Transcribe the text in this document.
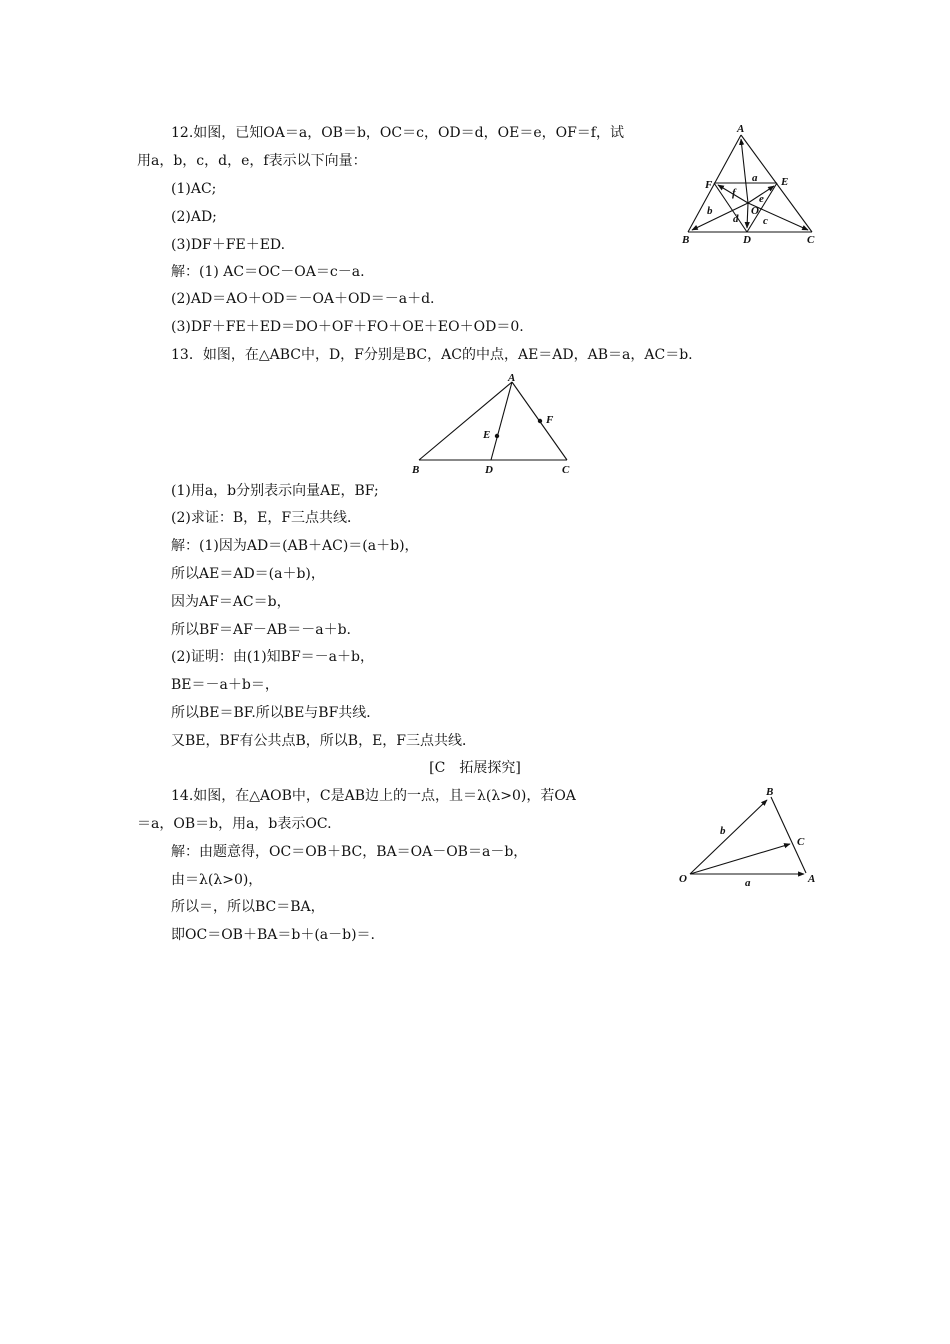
12.如图，已知OA＝a，OB＝b，OC＝c，OD＝d，OE＝e，OF＝f，试
用a，b，c，d，e，f表示以下向量：
(1)AC;
(2)AD;
(3)DF＋FE＋ED.
解：(1) AC＝OC－OA＝c－a.
(2)AD＝AO＋OD＝－OA＋OD＝－a＋d.
(3)DF＋FE＋ED＝DO＋OF＋FO＋OE＋EO＋OD＝0.
A
B	C
D
E
F
O
a
b
c
d
e
f
13．如图，在△ABC中，D，F分别是BC，AC的中点，AE＝AD，AB＝a，AC＝b.
A
B	C
D
E
F
(1)用a，b分别表示向量AE，BF;
(2)求证：B，E，F三点共线．
解：(1)因为AD＝(AB＋AC)＝(a＋b)，
所以AE＝AD＝(a＋b)，
因为AF＝AC＝b，
所以BF＝AF－AB＝－a＋b.
(2)证明：由(1)知BF＝－a＋b，
BE＝－a＋b＝，
所以BE＝BF.所以BE与BF共线．
又BE，BF有公共点B，所以B，E，F三点共线．
[C　拓展探究]
14.如图，在△AOB中，C是AB边上的一点，且＝λ(λ>0)，若OA
＝a，OB＝b，用a，b表示OC.
解：由题意得，OC＝OB＋BC，BA＝OA－OB＝a－b，
由＝λ(λ>0)，
所以＝，所以BC＝BA，
即OC＝OB＋BA＝b＋(a－b)＝.
B
C
O	A
a
b
